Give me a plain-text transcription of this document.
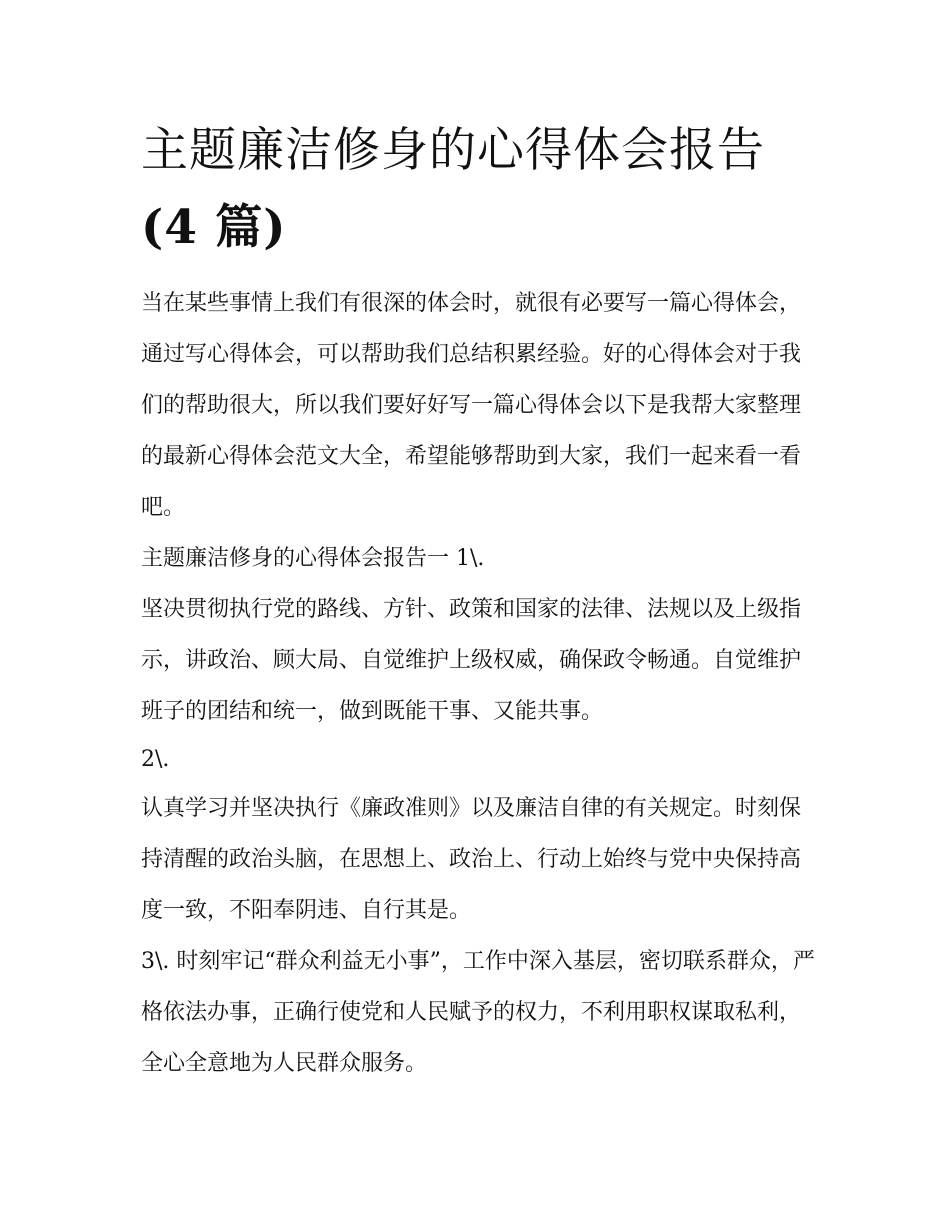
主题廉洁修身的心得体会报告
(4 篇)

当在某些事情上我们有很深的体会时，就很有必要写一篇心得体会，通过写心得体会，可以帮助我们总结积累经验。好的心得体会对于我们的帮助很大，所以我们要好好写一篇心得体会以下是我帮大家整理的最新心得体会范文大全，希望能够帮助到大家，我们一起来看一看吧。

主题廉洁修身的心得体会报告一 1\.

坚决贯彻执行党的路线、方针、政策和国家的法律、法规以及上级指示，讲政治、顾大局、自觉维护上级权威，确保政令畅通。自觉维护班子的团结和统一，做到既能干事、又能共事。

2\.

认真学习并坚决执行《廉政准则》以及廉洁自律的有关规定。时刻保持清醒的政治头脑，在思想上、政治上、行动上始终与党中央保持高度一致，不阳奉阴违、自行其是。

3\. 时刻牢记“群众利益无小事”，工作中深入基层，密切联系群众，严格依法办事，正确行使党和人民赋予的权力，不利用职权谋取私利，全心全意地为人民群众服务。
